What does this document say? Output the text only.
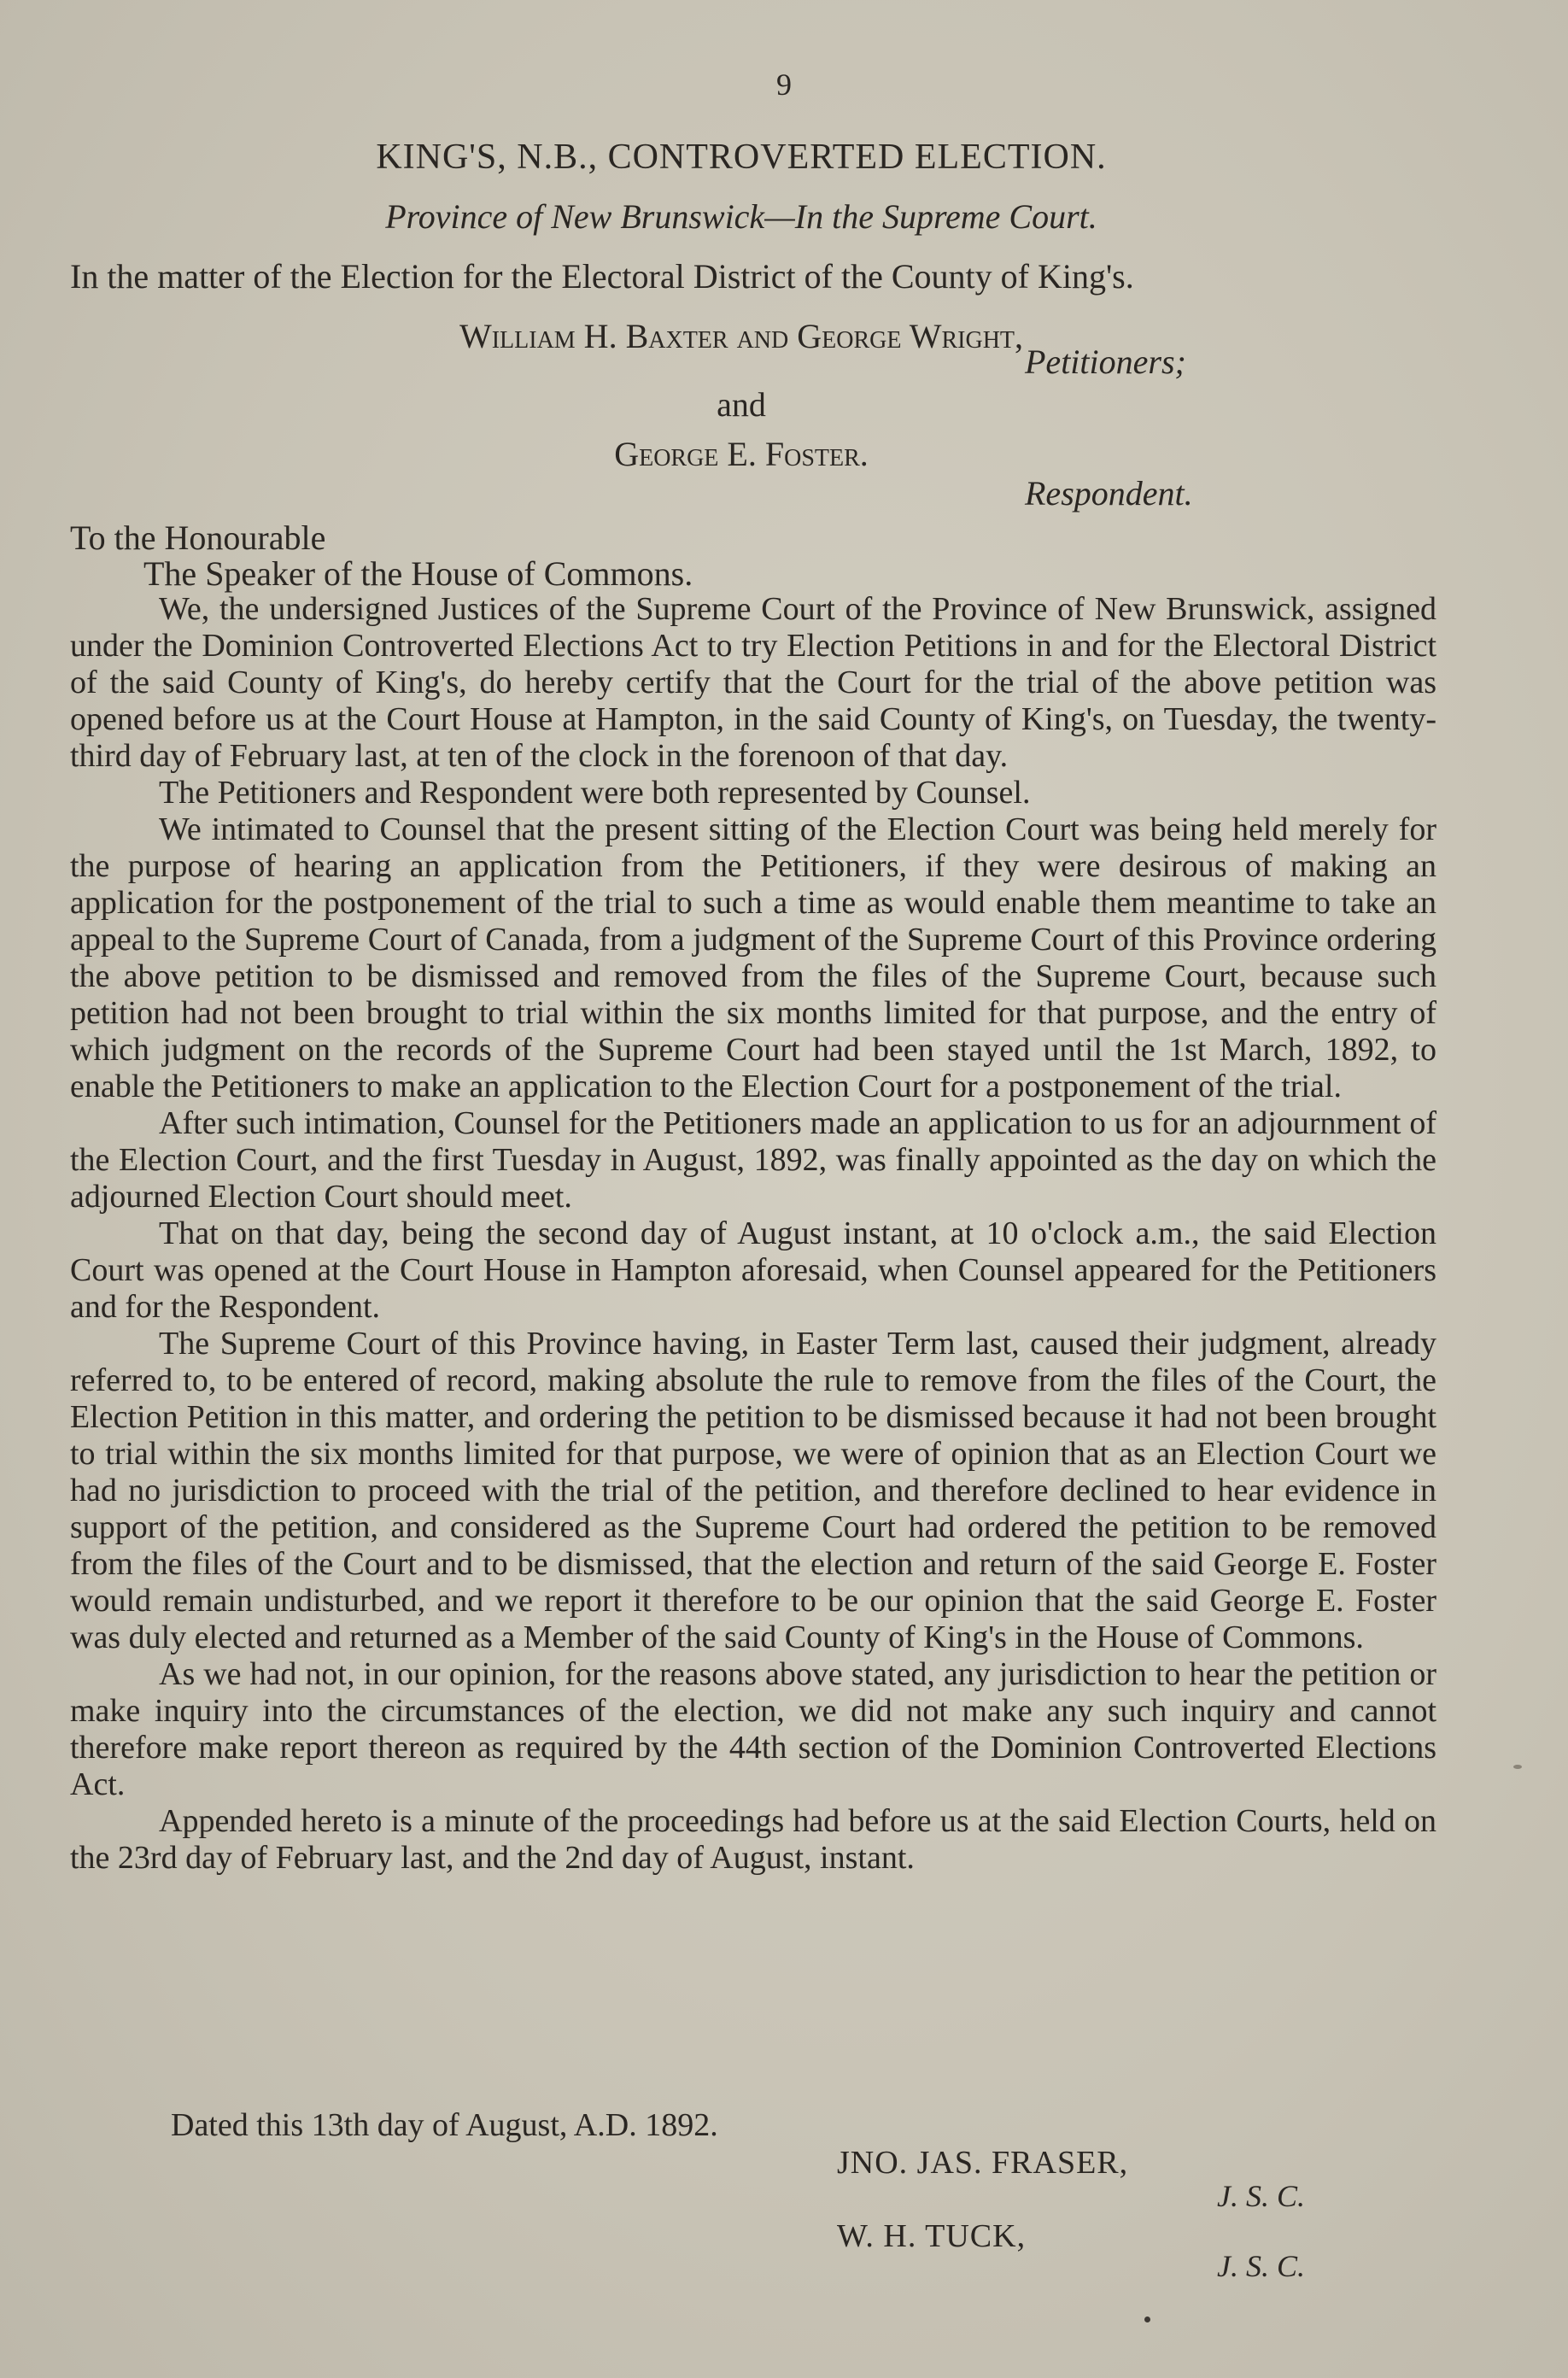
9
KING'S, N.B., CONTROVERTED ELECTION.
Province of New Brunswick—In the Supreme Court.
In the matter of the Election for the Electoral District of the County of King's.
William H. Baxter and George Wright,
Petitioners;
and
George E. Foster.
Respondent.
To the Honourable
The Speaker of the House of Commons.

We, the undersigned Justices of the Supreme Court of the Province of New Brunswick, assigned under the Dominion Controverted Elections Act to try Election Petitions in and for the Electoral District of the said County of King's, do hereby certify that the Court for the trial of the above petition was opened before us at the Court House at Hampton, in the said County of King's, on Tuesday, the twenty-third day of February last, at ten of the clock in the forenoon of that day.

The Petitioners and Respondent were both represented by Counsel.

We intimated to Counsel that the present sitting of the Election Court was being held merely for the purpose of hearing an application from the Petitioners, if they were desirous of making an application for the postponement of the trial to such a time as would enable them meantime to take an appeal to the Supreme Court of Canada, from a judgment of the Supreme Court of this Province ordering the above petition to be dismissed and removed from the files of the Supreme Court, because such petition had not been brought to trial within the six months limited for that purpose, and the entry of which judgment on the records of the Supreme Court had been stayed until the 1st March, 1892, to enable the Petitioners to make an application to the Election Court for a postponement of the trial.

After such intimation, Counsel for the Petitioners made an application to us for an adjournment of the Election Court, and the first Tuesday in August, 1892, was finally appointed as the day on which the adjourned Election Court should meet.

That on that day, being the second day of August instant, at 10 o'clock a.m., the said Election Court was opened at the Court House in Hampton aforesaid, when Counsel appeared for the Petitioners and for the Respondent.

The Supreme Court of this Province having, in Easter Term last, caused their judgment, already referred to, to be entered of record, making absolute the rule to remove from the files of the Court, the Election Petition in this matter, and ordering the petition to be dismissed because it had not been brought to trial within the six months limited for that purpose, we were of opinion that as an Election Court we had no jurisdiction to proceed with the trial of the petition, and therefore declined to hear evidence in support of the petition, and considered as the Supreme Court had ordered the petition to be removed from the files of the Court and to be dismissed, that the election and return of the said George E. Foster would remain undisturbed, and we report it therefore to be our opinion that the said George E. Foster was duly elected and returned as a Member of the said County of King's in the House of Commons.

As we had not, in our opinion, for the reasons above stated, any jurisdiction to hear the petition or make inquiry into the circumstances of the election, we did not make any such inquiry and cannot therefore make report thereon as required by the 44th section of the Dominion Controverted Elections Act.

Appended hereto is a minute of the proceedings had before us at the said Election Courts, held on the 23rd day of February last, and the 2nd day of August, instant.

Dated this 13th day of August, A.D. 1892.
JNO. JAS. FRASER,
J. S. C.
W. H. TUCK,
J. S. C.
